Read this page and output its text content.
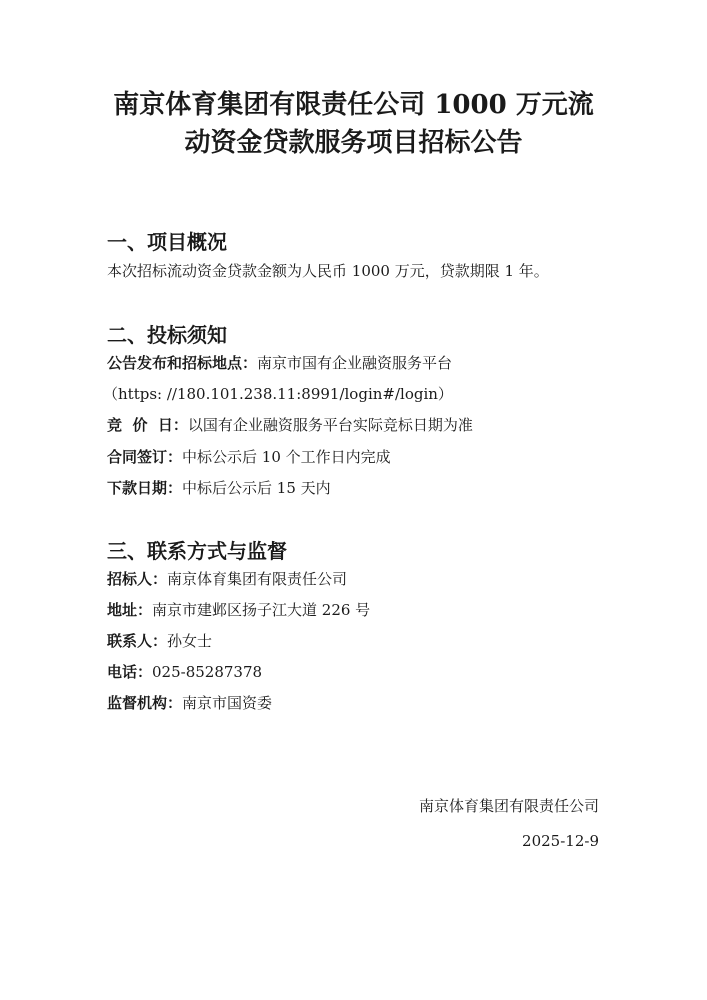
南京体育集团有限责任公司 1000 万元流
动资金贷款服务项目招标公告
一、项目概况
本次招标流动资金贷款金额为人民币 1000 万元，贷款期限 1 年。
二、投标须知
公告发布和招标地点：南京市国有企业融资服务平台
（https: //180.101.238.11:8991/login#/login）
竞  价  日：以国有企业融资服务平台实际竞标日期为准
合同签订：中标公示后 10 个工作日内完成
下款日期：中标后公示后 15 天内
三、联系方式与监督
招标人：南京体育集团有限责任公司
地址：南京市建邺区扬子江大道 226 号
联系人：孙女士
电话：025-85287378
监督机构：南京市国资委
南京体育集团有限责任公司
2025-12-9
